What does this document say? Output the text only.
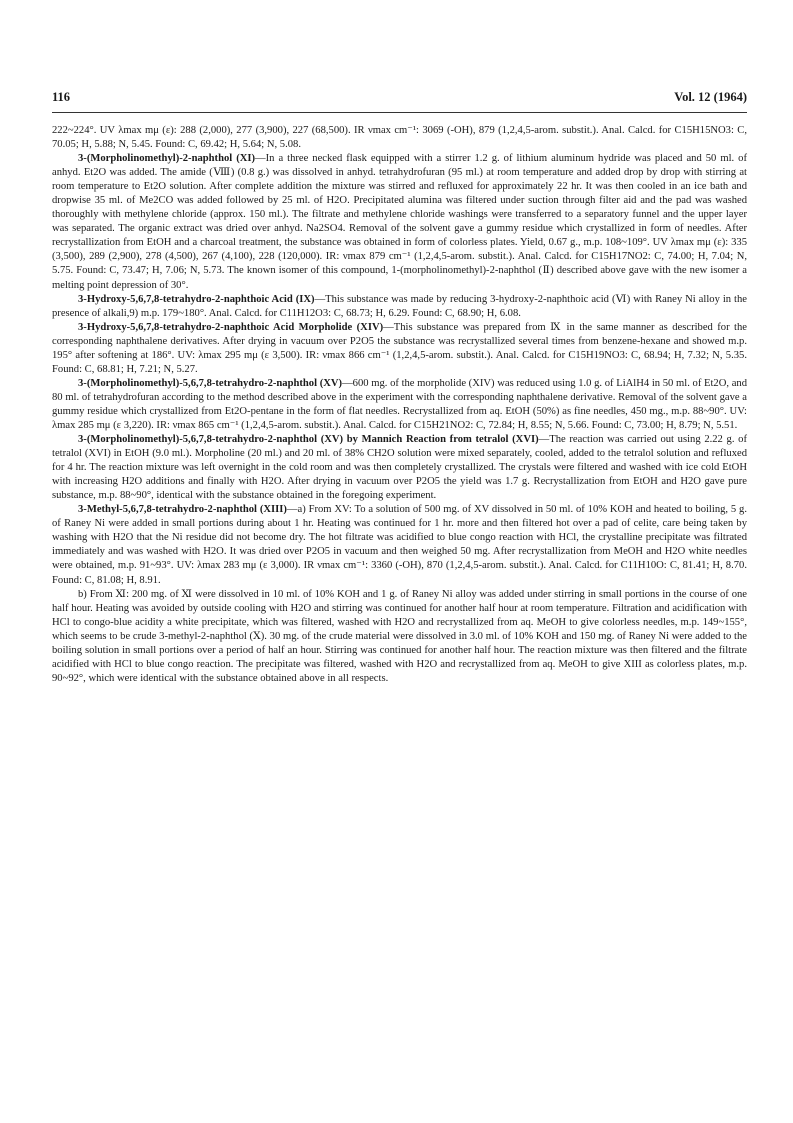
116	Vol. 12 (1964)

222~224°. UV λmax mμ (ε): 288 (2,000), 277 (3,900), 227 (68,500). IR νmax cm⁻¹: 3069 (-OH), 879 (1,2,4,5-arom. substit.). Anal. Calcd. for C15H15NO3: C, 70.05; H, 5.88; N, 5.45. Found: C, 69.42; H, 5.64; N, 5.08.

3-(Morpholinomethyl)-2-naphthol (XI)—In a three necked flask equipped with a stirrer 1.2 g. of lithium aluminum hydride was placed and 50 ml. of anhyd. Et2O was added. The amide (Ⅷ) (0.8 g.) was dissolved in anhyd. tetrahydrofuran (95 ml.) at room temperature and added drop by drop with stirring at room temperature to Et2O solution. After complete addition the mixture was stirred and refluxed for approximately 22 hr. It was then cooled in an ice bath and dropwise 35 ml. of Me2CO was added followed by 25 ml. of H2O. Precipitated alumina was filtered under suction through filter aid and the pad was washed thoroughly with methylene chloride (approx. 150 ml.). The filtrate and methylene chloride washings were transferred to a separatory funnel and the upper layer was separated. The organic extract was dried over anhyd. Na2SO4. Removal of the solvent gave a gummy residue which crystallized in form of needles. After recrystallization from EtOH and a charcoal treatment, the substance was obtained in form of colorless plates. Yield, 0.67 g., m.p. 108~109°. UV λmax mμ (ε): 335 (3,500), 289 (2,900), 278 (4,500), 267 (4,100), 228 (120,000). IR: νmax 879 cm⁻¹ (1,2,4,5-arom. substit.). Anal. Calcd. for C15H17NO2: C, 74.00; H, 7.04; N, 5.75. Found: C, 73.47; H, 7.06; N, 5.73. The known isomer of this compound, 1-(morpholinomethyl)-2-naphthol (Ⅱ) described above gave with the new isomer a melting point depression of 30°.

3-Hydroxy-5,6,7,8-tetrahydro-2-naphthoic Acid (IX)—This substance was made by reducing 3-hydroxy-2-naphthoic acid (Ⅵ) with Raney Ni alloy in the presence of alkali,9) m.p. 179~180°. Anal. Calcd. for C11H12O3: C, 68.73; H, 6.29. Found: C, 68.90; H, 6.08.

3-Hydroxy-5,6,7,8-tetrahydro-2-naphthoic Acid Morpholide (XIV)—This substance was prepared from Ⅸ in the same manner as described for the corresponding naphthalene derivatives. After drying in vacuum over P2O5 the substance was recrystallized several times from benzene-hexane and showed m.p. 195° after softening at 186°. UV: λmax 295 mμ (ε 3,500). IR: νmax 866 cm⁻¹ (1,2,4,5-arom. substit.). Anal. Calcd. for C15H19NO3: C, 68.94; H, 7.32; N, 5.35. Found: C, 68.81; H, 7.21; N, 5.27.

3-(Morpholinomethyl)-5,6,7,8-tetrahydro-2-naphthol (XV)—600 mg. of the morpholide (XIV) was reduced using 1.0 g. of LiAlH4 in 50 ml. of Et2O, and 80 ml. of tetrahydrofuran according to the method described above in the experiment with the corresponding naphthalene derivative. Removal of the solvent gave a gummy residue which crystallized from Et2O-pentane in the form of flat needles. Recrystallized from aq. EtOH (50%) as fine needles, 450 mg., m.p. 88~90°. UV: λmax 285 mμ (ε 3,220). IR: νmax 865 cm⁻¹ (1,2,4,5-arom. substit.). Anal. Calcd. for C15H21NO2: C, 72.84; H, 8.55; N, 5.66. Found: C, 73.00; H, 8.79; N, 5.51.

3-(Morpholinomethyl)-5,6,7,8-tetrahydro-2-naphthol (XV) by Mannich Reaction from tetralol (XVI)—The reaction was carried out using 2.22 g. of tetralol (XVI) in EtOH (9.0 ml.). Morpholine (20 ml.) and 20 ml. of 38% CH2O solution were mixed separately, cooled, added to the tetralol solution and refluxed for 4 hr. The reaction mixture was left overnight in the cold room and was then completely crystallized. The crystals were filtered and washed with ice cold EtOH with increasing H2O additions and finally with H2O. After drying in vacuum over P2O5 the yield was 1.7 g. Recrystallization from EtOH and H2O gave pure substance, m.p. 88~90°, identical with the substance obtained in the foregoing experiment.

3-Methyl-5,6,7,8-tetrahydro-2-naphthol (XIII)—a) From XV: To a solution of 500 mg. of XV dissolved in 50 ml. of 10% KOH and heated to boiling, 5 g. of Raney Ni were added in small portions during about 1 hr. Heating was continued for 1 hr. more and then filtered hot over a pad of celite, care being taken by washing with H2O that the Ni residue did not become dry. The hot filtrate was acidified to blue congo reaction with HCl, the crystalline precipitate was filtrated immediately and was washed with H2O. It was dried over P2O5 in vacuum and then weighed 50 mg. After recrystallization from MeOH and H2O white needles were obtained, m.p. 91~93°. UV: λmax 283 mμ (ε 3,000). IR νmax cm⁻¹: 3360 (-OH), 870 (1,2,4,5-arom. substit.). Anal. Calcd. for C11H10O: C, 81.41; H, 8.70. Found: C, 81.08; H, 8.91.

b) From Ⅺ: 200 mg. of Ⅺ were dissolved in 10 ml. of 10% KOH and 1 g. of Raney Ni alloy was added under stirring in small portions in the course of one half hour. Heating was avoided by outside cooling with H2O and stirring was continued for another half hour at room temperature. Filtration and acidification with HCl to congo-blue acidity a white precipitate, which was filtered, washed with H2O and recrystallized from aq. MeOH to give colorless needles, m.p. 149~155°, which seems to be crude 3-methyl-2-naphthol (Ⅹ). 30 mg. of the crude material were dissolved in 3.0 ml. of 10% KOH and 150 mg. of Raney Ni were added to the boiling solution in small portions over a period of half an hour. Stirring was continued for another half hour. The reaction mixture was then filtered and the filtrate acidified with HCl to blue congo reaction. The precipitate was filtered, washed with H2O and recrystallized from aq. MeOH to give XIII as colorless plates, m.p. 90~92°, which were identical with the substance obtained above in all respects.
